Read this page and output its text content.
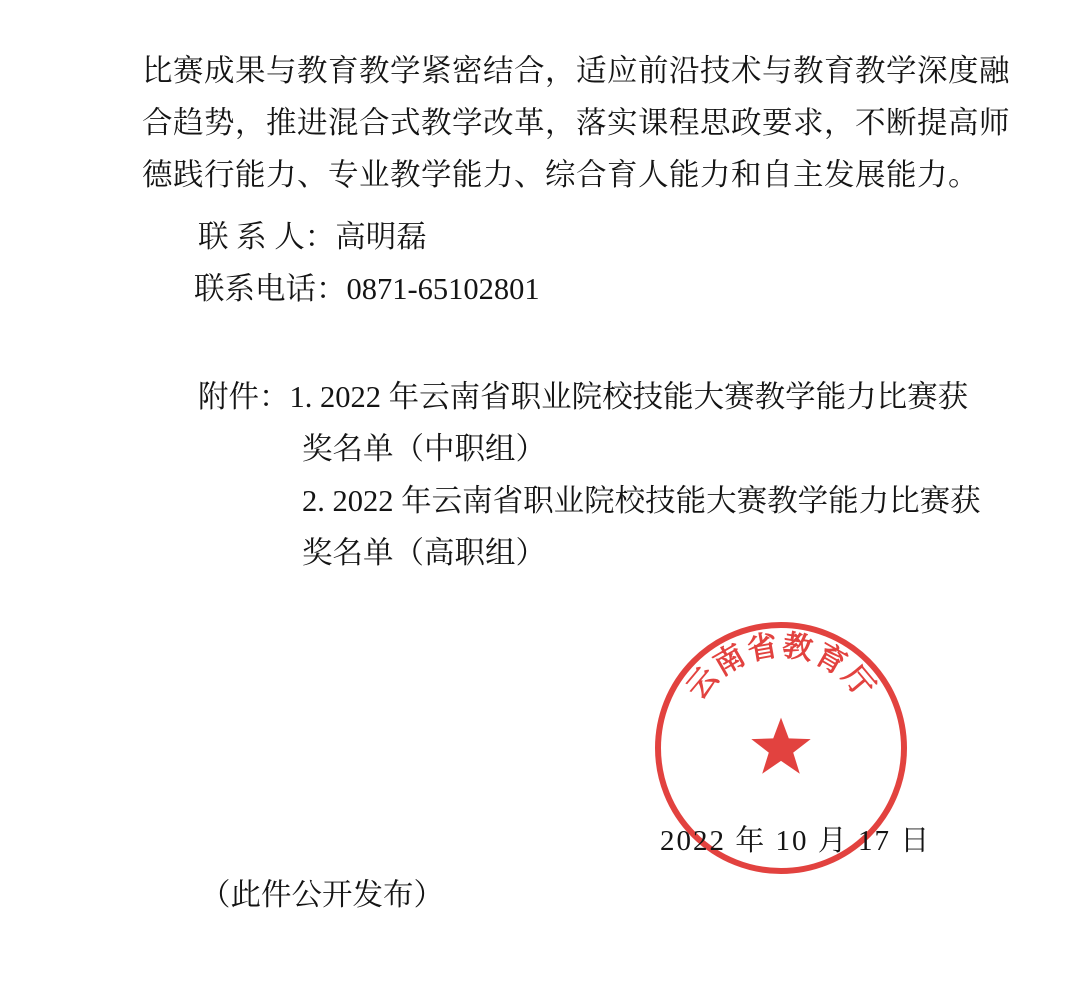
比赛成果与教育教学紧密结合，适应前沿技术与教育教学深度融
合趋势，推进混合式教学改革，落实课程思政要求，不断提高师
德践行能力、专业教学能力、综合育人能力和自主发展能力。

联 系 人：高明磊

联系电话：0871-65102801

附件：1. 2022 年云南省职业院校技能大赛教学能力比赛获

奖名单（中职组）

2. 2022 年云南省职业院校技能大赛教学能力比赛获

奖名单（高职组）

云南省教育厅
2022 年 10 月 17 日
（此件公开发布）
